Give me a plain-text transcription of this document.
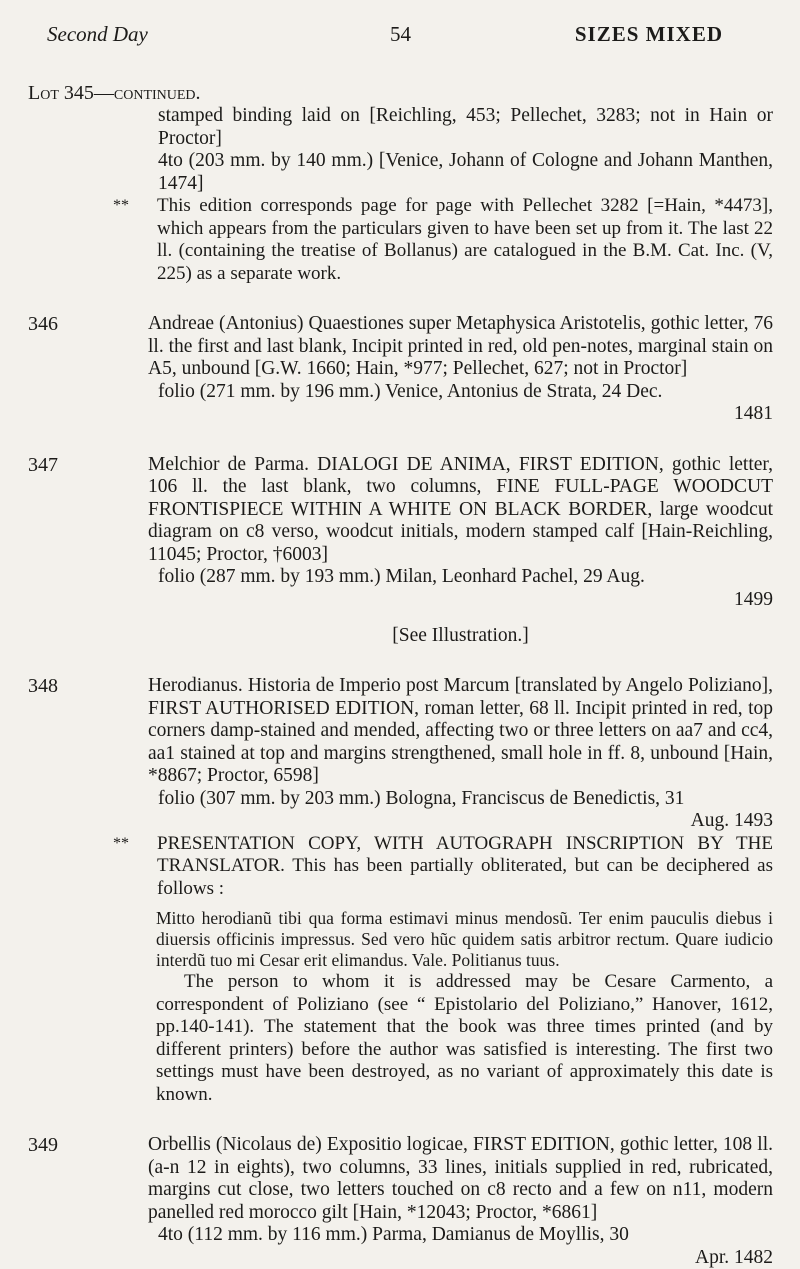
Second Day	54	SIZES MIXED
Lot 345—continued.
stamped binding laid on [Reichling, 453; Pellechet, 3283; not in Hain or Proctor]
4to (203 mm. by 140 mm.) [Venice, Johann of Cologne and Johann Manthen, 1474]
** This edition corresponds page for page with Pellechet 3282 [=Hain, *4473], which appears from the particulars given to have been set up from it. The last 22 ll. (containing the treatise of Bollanus) are catalogued in the B.M. Cat. Inc. (V, 225) as a separate work.
346	Andreae (Antonius) Quaestiones super Metaphysica Aristotelis, gothic letter, 76 ll. the first and last blank, Incipit printed in red, old pen-notes, marginal stain on A5, unbound [G.W. 1660; Hain, *977; Pellechet, 627; not in Proctor]
folio (271 mm. by 196 mm.) Venice, Antonius de Strata, 24 Dec.
1481
347	Melchior de Parma. DIALOGI DE ANIMA, FIRST EDITION, gothic letter, 106 ll. the last blank, two columns, FINE FULL-PAGE WOODCUT FRONTISPIECE WITHIN A WHITE ON BLACK BORDER, large woodcut diagram on c8 verso, woodcut initials, modern stamped calf [Hain-Reichling, 11045; Proctor, †6003]
folio (287 mm. by 193 mm.) Milan, Leonhard Pachel, 29 Aug.
1499
[See Illustration.]
348	Herodianus. Historia de Imperio post Marcum [translated by Angelo Poliziano], FIRST AUTHORISED EDITION, roman letter, 68 ll. Incipit printed in red, top corners damp-stained and mended, affecting two or three letters on aa7 and cc4, aa1 stained at top and margins strengthened, small hole in ff. 8, unbound [Hain, *8867; Proctor, 6598]
folio (307 mm. by 203 mm.) Bologna, Franciscus de Benedictis, 31
Aug. 1493
** PRESENTATION COPY, WITH AUTOGRAPH INSCRIPTION BY THE TRANSLATOR. This has been partially obliterated, but can be deciphered as follows :
Mitto herodianũ tibi qua forma estimavi minus mendosũ. Ter enim pauculis diebus i diuersis officinis impressus. Sed vero hũc quidem satis arbitror rectum. Quare iudicio interdũ tuo mi Cesar erit elimandus. Vale. Politianus tuus.
The person to whom it is addressed may be Cesare Carmento, a correspondent of Poliziano (see “ Epistolario del Poliziano,” Hanover, 1612, pp.140-141). The statement that the book was three times printed (and by different printers) before the author was satisfied is interesting. The first two settings must have been destroyed, as no variant of approximately this date is known.
349	Orbellis (Nicolaus de) Expositio logicae, FIRST EDITION, gothic letter, 108 ll. (a-n 12 in eights), two columns, 33 lines, initials supplied in red, rubricated, margins cut close, two letters touched on c8 recto and a few on n11, modern panelled red morocco gilt [Hain, *12043; Proctor, *6861]
4to (112 mm. by 116 mm.) Parma, Damianus de Moyllis, 30
Apr. 1482
